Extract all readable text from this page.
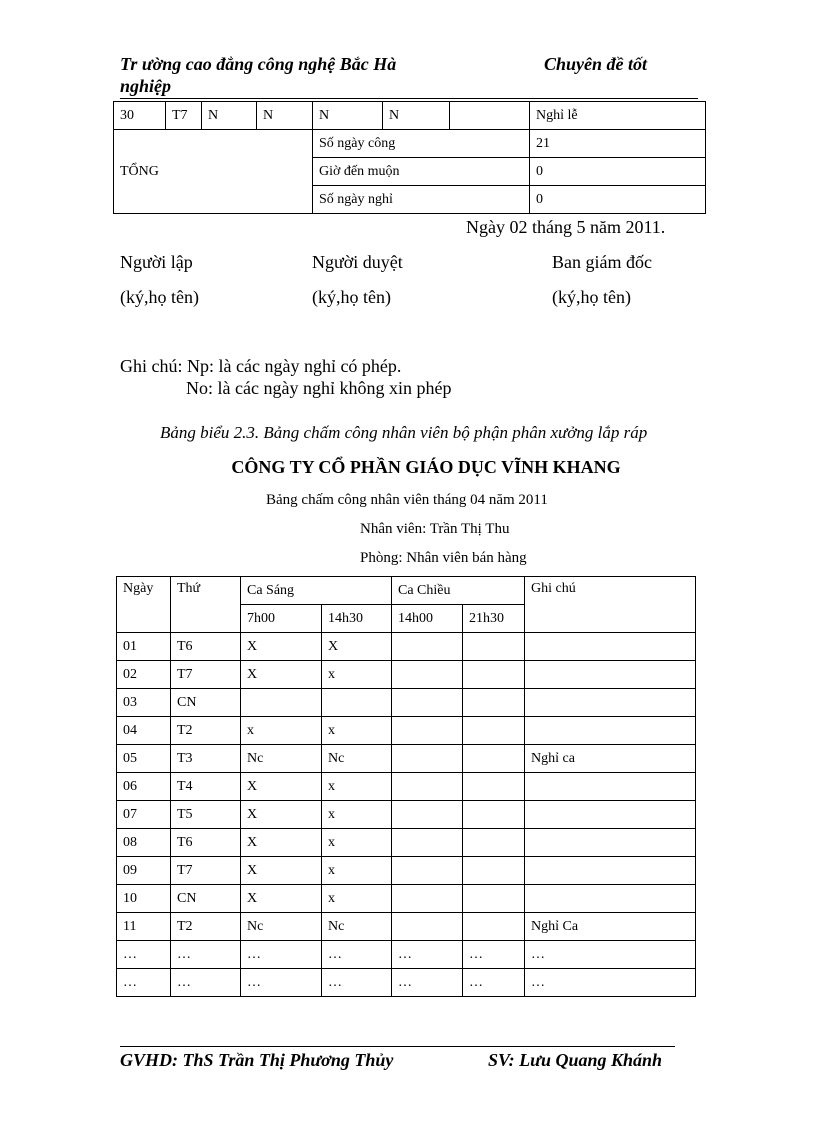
Tr ường cao đẳng công nghệ Bắc Hà
nghiệp
Chuyên đề tốt
30	T7	N	N	N	N		Nghỉ lễ
TỔNG				Số ngày công			21
				Giờ đến muộn			0
				Số ngày nghỉ			0
Ngày 02 tháng 5 năm 2011.
Người lập	Người duyệt	Ban giám đốc
(ký,họ tên)	(ký,họ tên)	(ký,họ tên)
Ghi chú: Np: là các ngày nghỉ có phép.
No: là các ngày nghỉ không xin phép
Bảng biểu 2.3. Bảng chấm công nhân viên bộ phận phân xưởng lắp ráp
CÔNG TY CỔ PHẦN GIÁO DỤC VĨNH KHANG
Bảng chấm công nhân viên tháng 04 năm 2011
Nhân viên: Trần Thị Thu
Phòng: Nhân viên bán hàng
Ngày	Thứ	Ca Sáng		Ca Chiều		Ghi chú
		7h00	14h30	14h00	21h30	
01	T6	X	X			
02	T7	X	x			
03	CN					
04	T2	x	x			
05	T3	Nc	Nc			Nghỉ ca
06	T4	X	x			
07	T5	X	x			
08	T6	X	x			
09	T7	X	x			
10	CN	X	x			
11	T2	Nc	Nc			Nghỉ Ca
…	…	…	…	…	…	…
…	…	…	…	…	…	…
GVHD: ThS Trần Thị Phương Thủy	SV: Lưu Quang Khánh
